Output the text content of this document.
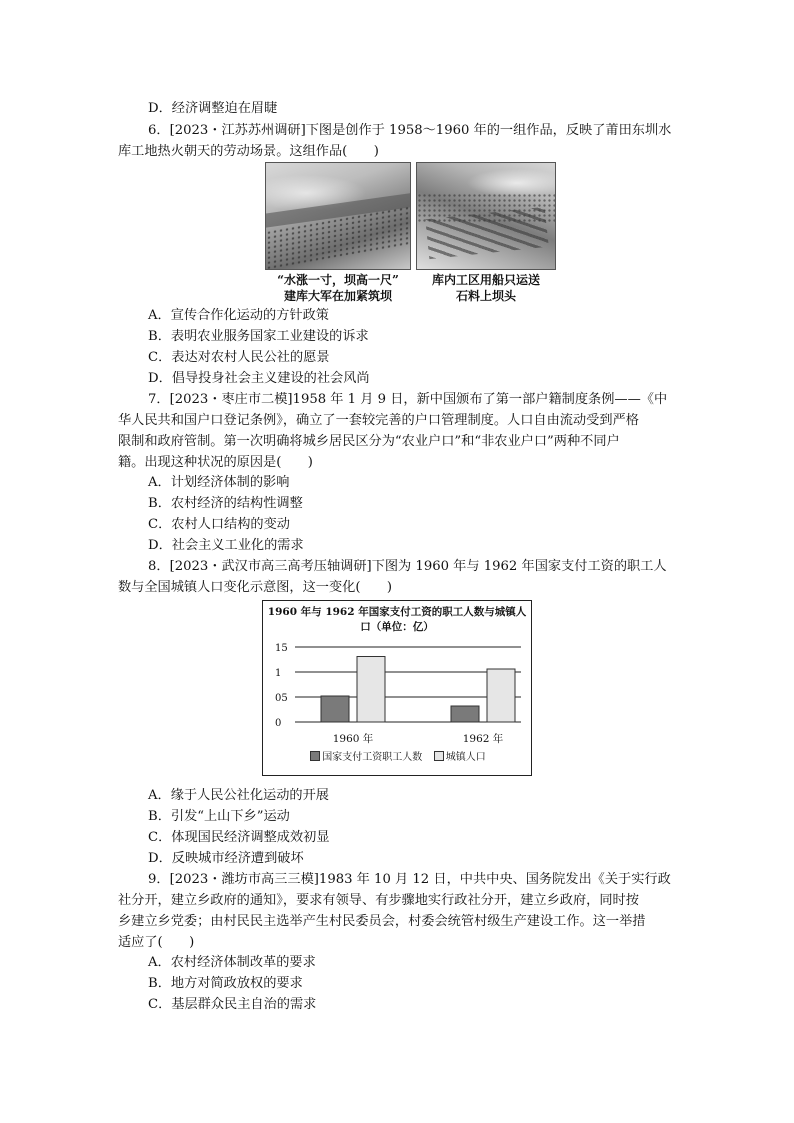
D．经济调整迫在眉睫
6．[2023・江苏苏州调研]下图是创作于 1958～1960 年的一组作品，反映了莆田东圳水
库工地热火朝天的劳动场景。这组作品(　　)
“水涨一寸，坝高一尺”
建库大军在加紧筑坝
库内工区用船只运送
石料上坝头
A．宣传合作化运动的方针政策
B．表明农业服务国家工业建设的诉求
C．表达对农村人民公社的愿景
D．倡导投身社会主义建设的社会风尚
7．[2023・枣庄市二模]1958 年 1 月 9 日，新中国颁布了第一部户籍制度条例——《中
华人民共和国户口登记条例》，确立了一套较完善的户口管理制度。人口自由流动受到严格
限制和政府管制。第一次明确将城乡居民区分为“农业户口”和“非农业户口”两种不同户
籍。出现这种状况的原因是(　　)
A．计划经济体制的影响
B．农村经济的结构性调整
C．农村人口结构的变动
D．社会主义工业化的需求
8．[2023・武汉市高三高考压轴调研]下图为 1960 年与 1962 年国家支付工资的职工人
数与全国城镇人口变化示意图，这一变化(　　)
1960 年与 1962 年国家支付工资的职工人数与城镇人
口（单位：亿）
15
1
05
0
1960 年	1962 年
国家支付工资职工人数 城镇人口
A．缘于人民公社化运动的开展
B．引发“上山下乡”运动
C．体现国民经济调整成效初显
D．反映城市经济遭到破坏
9．[2023・潍坊市高三三模]1983 年 10 月 12 日，中共中央、国务院发出《关于实行政
社分开，建立乡政府的通知》，要求有领导、有步骤地实行政社分开，建立乡政府，同时按
乡建立乡党委；由村民民主选举产生村民委员会，村委会统管村级生产建设工作。这一举措
适应了(　　)
A．农村经济体制改革的要求
B．地方对简政放权的要求
C．基层群众民主自治的需求
